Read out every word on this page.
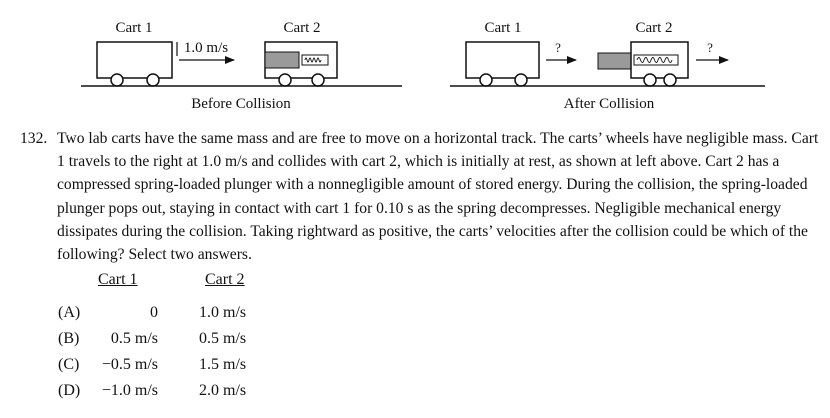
Cart 1	Cart 2
1.0 m/s
Before Collision
Cart 1	Cart 2
?	?
After Collision
132. Two lab carts have the same mass and are free to move on a horizontal track. The carts’ wheels have negligible mass. Cart 1 travels to the right at 1.0 m/s and collides with cart 2, which is initially at rest, as shown at left above. Cart 2 has a compressed spring-loaded plunger with a nonnegligible amount of stored energy. During the collision, the spring-loaded plunger pops out, staying in contact with cart 1 for 0.10 s as the spring decompresses. Negligible mechanical energy dissipates during the collision. Taking rightward as positive, the carts’ velocities after the collision could be which of the following? Select two answers.
Cart 1	Cart 2
(A)	0	1.0 m/s
(B)	0.5 m/s	0.5 m/s
(C)	−0.5 m/s	1.5 m/s
(D)	−1.0 m/s	2.0 m/s
